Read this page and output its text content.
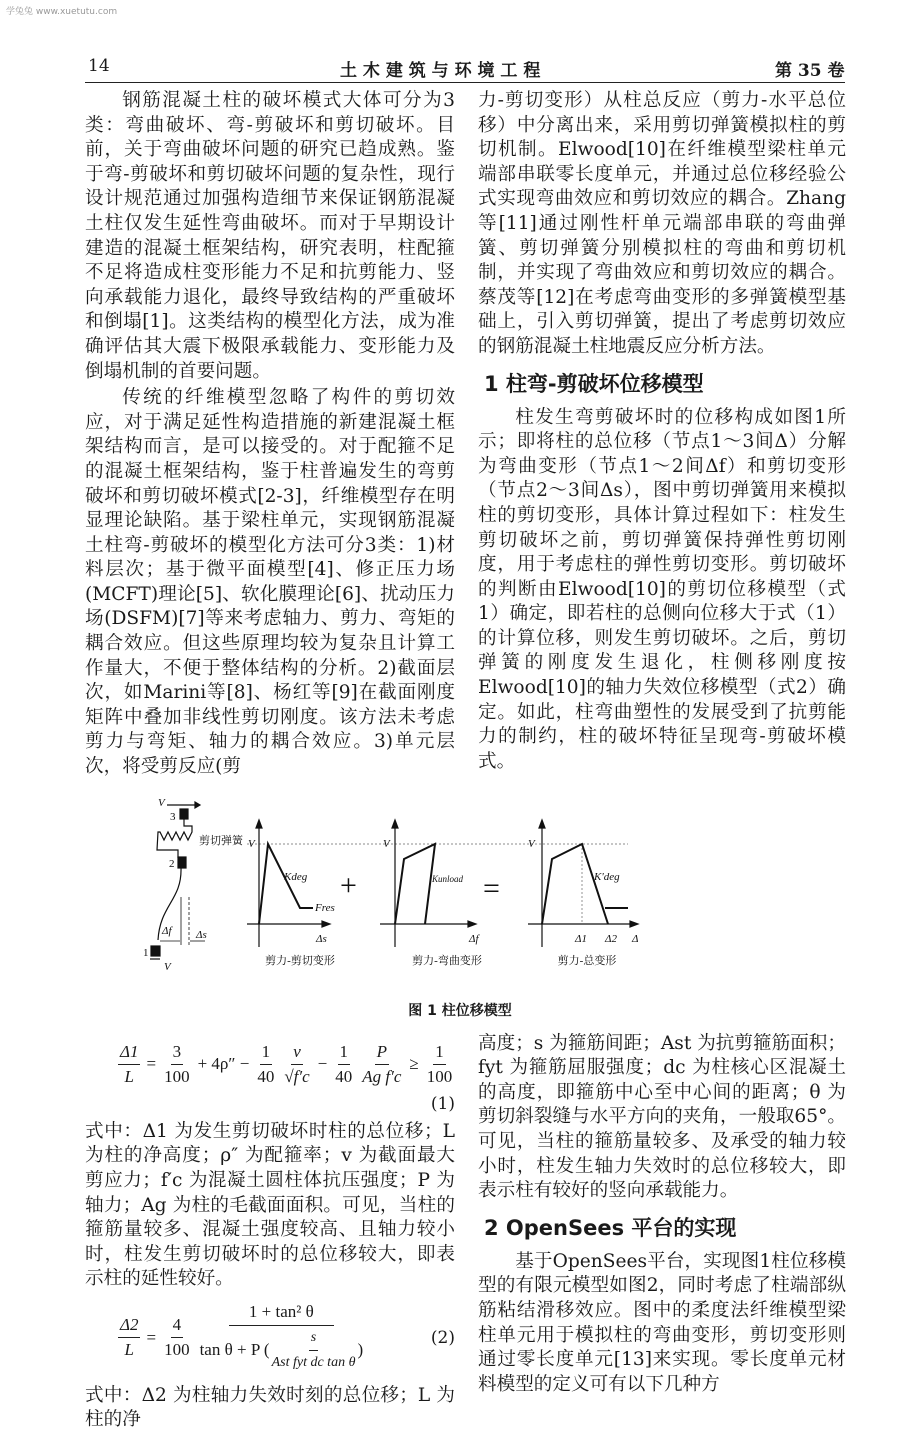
学兔兔 www.xuetutu.com
14	土 木 建 筑 与 环 境 工 程	第 35 卷

钢筋混凝土柱的破坏模式大体可分为3类：弯曲破坏、弯-剪破坏和剪切破坏。目前，关于弯曲破坏问题的研究已趋成熟。鉴于弯-剪破坏和剪切破坏问题的复杂性，现行设计规范通过加强构造细节来保证钢筋混凝土柱仅发生延性弯曲破坏。而对于早期设计建造的混凝土框架结构，研究表明，柱配箍不足将造成柱变形能力不足和抗剪能力、竖向承载能力退化，最终导致结构的严重破坏和倒塌[1]。这类结构的模型化方法，成为准确评估其大震下极限承载能力、变形能力及倒塌机制的首要问题。

传统的纤维模型忽略了构件的剪切效应，对于满足延性构造措施的新建混凝土框架结构而言，是可以接受的。对于配箍不足的混凝土框架结构，鉴于柱普遍发生的弯剪破坏和剪切破坏模式[2-3]，纤维模型存在明显理论缺陷。基于梁柱单元，实现钢筋混凝土柱弯-剪破坏的模型化方法可分3类：1)材料层次；基于微平面模型[4]、修正压力场(MCFT)理论[5]、软化膜理论[6]、扰动压力场(DSFM)[7]等来考虑轴力、剪力、弯矩的耦合效应。但这些原理均较为复杂且计算工作量大，不便于整体结构的分析。2)截面层次，如Marini等[8]、杨红等[9]在截面刚度矩阵中叠加非线性剪切刚度。该方法未考虑剪力与弯矩、轴力的耦合效应。3)单元层次，将受剪反应(剪

力-剪切变形）从柱总反应（剪力-水平总位移）中分离出来，采用剪切弹簧模拟柱的剪切机制。Elwood[10]在纤维模型梁柱单元端部串联零长度单元，并通过总位移经验公式实现弯曲效应和剪切效应的耦合。Zhang 等[11]通过刚性杆单元端部串联的弯曲弹簧、剪切弹簧分别模拟柱的弯曲和剪切机制，并实现了弯曲效应和剪切效应的耦合。蔡茂等[12]在考虑弯曲变形的多弹簧模型基础上，引入剪切弹簧，提出了考虑剪切效应的钢筋混凝土柱地震反应分析方法。

1 柱弯-剪破坏位移模型

柱发生弯剪破坏时的位移构成如图1所示；即将柱的总位移（节点1～3间Δ）分解为弯曲变形（节点1～2间Δf）和剪切变形（节点2～3间Δs），图中剪切弹簧用来模拟柱的剪切变形，具体计算过程如下：柱发生剪切破坏之前，剪切弹簧保持弹性剪切刚度，用于考虑柱的弹性剪切变形。剪切破坏的判断由Elwood[10]的剪切位移模型（式1）确定，即若柱的总侧向位移大于式（1）的计算位移，则发生剪切破坏。之后，剪切弹簧的刚度发生退化，柱侧移刚度按Elwood[10]的轴力失效位移模型（式2）确定。如此，柱弯曲塑性的发展受到了抗剪能力的制约，柱的破坏特征呈现弯-剪破坏模式。

V
3
剪切弹簧
2
1
V
Δf Δs
V
Kdeg
Fres
Δs
V
Kunload
Δf
V
K'deg
Δ1 Δ2 Δ
+	=
剪力-剪切变形	剪力-弯曲变形	剪力-总变形
图 1 柱位移模型
$\frac{\Delta 1}{L} = \frac{3}{100} + 4\rho'' - \frac{1}{40}$ v
√f′c
− $\frac{1}{40} \frac{P}{\text{Ag f′c}} \ge \frac{1}{100}$
(1)

式中：Δ1 为发生剪切破坏时柱的总位移；L 为柱的净高度；ρ″ 为配箍率；v 为截面最大剪应力；f′c 为混凝土圆柱体抗压强度；P 为轴力；Ag 为柱的毛截面面积。可见，当柱的箍筋量较多、混凝土强度较高、且轴力较小时，柱发生剪切破坏时的总位移较大，即表示柱的延性较好。

$\frac{\Delta 2}{L} = \frac{4}{100}$
1 + tan² θ
tan θ + P (
s
Ast fyt dc tan θ
)
(2)

式中：Δ2 为柱轴力失效时刻的总位移；L 为柱的净

高度；s 为箍筋间距；Ast 为抗剪箍筋面积；fyt 为箍筋屈服强度；dc 为柱核心区混凝土的高度，即箍筋中心至中心间的距离；θ 为剪切斜裂缝与水平方向的夹角，一般取65°。可见，当柱的箍筋量较多、及承受的轴力较小时，柱发生轴力失效时的总位移较大，即表示柱有较好的竖向承载能力。

2 OpenSees 平台的实现

基于OpenSees平台，实现图1柱位移模型的有限元模型如图2，同时考虑了柱端部纵筋粘结滑移效应。图中的柔度法纤维模型梁柱单元用于模拟柱的弯曲变形，剪切变形则通过零长度单元[13]来实现。零长度单元材料模型的定义可有以下几种方
